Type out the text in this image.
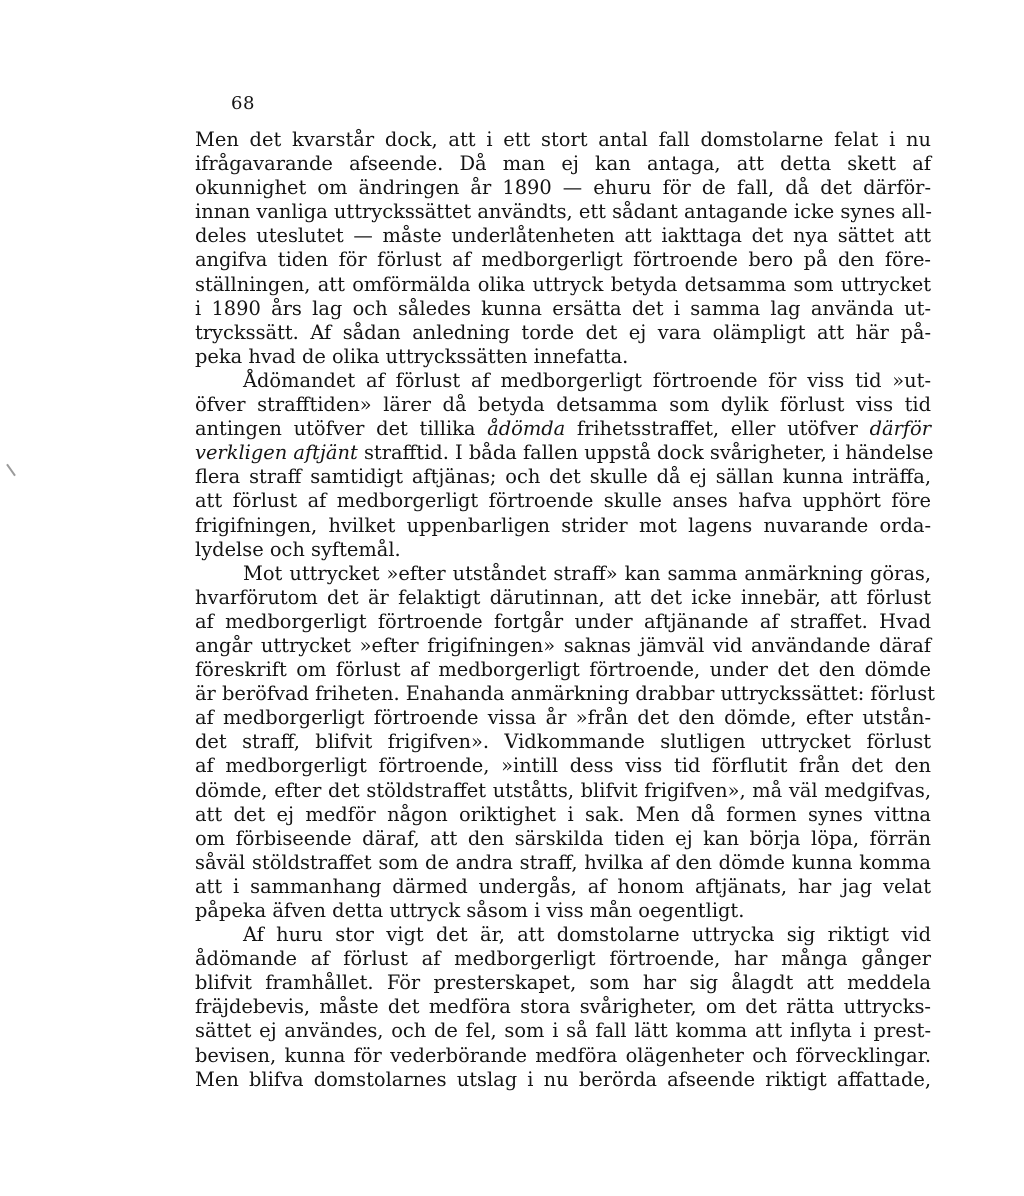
68
Men det kvarstår dock, att i ett stort antal fall domstolarne felat i nu
ifrågavarande afseende. Då man ej kan antaga, att detta skett af
okunnighet om ändringen år 1890 — ehuru för de fall, då det därför-
innan vanliga uttryckssättet användts, ett sådant antagande icke synes all-
deles uteslutet — måste underlåtenheten att iakttaga det nya sättet att
angifva tiden för förlust af medborgerligt förtroende bero på den före-
ställningen, att omförmälda olika uttryck betyda detsamma som uttrycket
i 1890 års lag och således kunna ersätta det i samma lag använda ut-
tryckssätt. Af sådan anledning torde det ej vara olämpligt att här på-
peka hvad de olika uttryckssätten innefatta.
Ådömandet af förlust af medborgerligt förtroende för viss tid »ut-
öfver strafftiden» lärer då betyda detsamma som dylik förlust viss tid
antingen utöfver det tillika ådömda frihetsstraffet, eller utöfver därför
verkligen aftjänt strafftid. I båda fallen uppstå dock svårigheter, i händelse
flera straff samtidigt aftjänas; och det skulle då ej sällan kunna inträffa,
att förlust af medborgerligt förtroende skulle anses hafva upphört före
frigifningen, hvilket uppenbarligen strider mot lagens nuvarande orda-
lydelse och syftemål.
Mot uttrycket »efter utståndet straff» kan samma anmärkning göras,
hvarförutom det är felaktigt därutinnan, att det icke innebär, att förlust
af medborgerligt förtroende fortgår under aftjänande af straffet. Hvad
angår uttrycket »efter frigifningen» saknas jämväl vid användande däraf
föreskrift om förlust af medborgerligt förtroende, under det den dömde
är beröfvad friheten. Enahanda anmärkning drabbar uttryckssättet: förlust
af medborgerligt förtroende vissa år »från det den dömde, efter utstån-
det straff, blifvit frigifven». Vidkommande slutligen uttrycket förlust
af medborgerligt förtroende, »intill dess viss tid förflutit från det den
dömde, efter det stöldstraffet utståtts, blifvit frigifven», må väl medgifvas,
att det ej medför någon oriktighet i sak. Men då formen synes vittna
om förbiseende däraf, att den särskilda tiden ej kan börja löpa, förrän
såväl stöldstraffet som de andra straff, hvilka af den dömde kunna komma
att i sammanhang därmed undergås, af honom aftjänats, har jag velat
påpeka äfven detta uttryck såsom i viss mån oegentligt.
Af huru stor vigt det är, att domstolarne uttrycka sig riktigt vid
ådömande af förlust af medborgerligt förtroende, har många gånger
blifvit framhållet. För presterskapet, som har sig ålagdt att meddela
fräjdebevis, måste det medföra stora svårigheter, om det rätta uttrycks-
sättet ej användes, och de fel, som i så fall lätt komma att inflyta i prest-
bevisen, kunna för vederbörande medföra olägenheter och förvecklingar.
Men blifva domstolarnes utslag i nu berörda afseende riktigt affattade,
